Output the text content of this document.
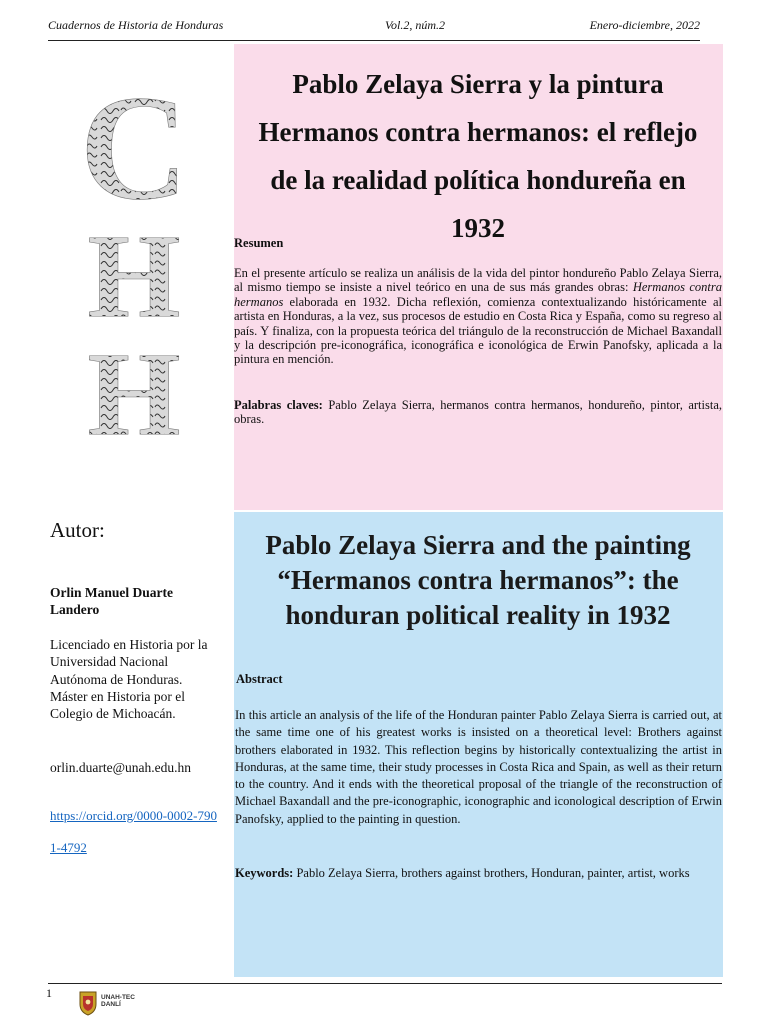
Cuadernos de Historia de Honduras	Vol.2, núm.2	Enero-diciembre, 2022
C
H
H
Pablo Zelaya Sierra y la pintura Hermanos contra hermanos: el reflejo de la realidad política hondureña en 1932

Resumen

En el presente artículo se realiza un análisis de la vida del pintor hondureño Pablo Zelaya Sierra, al mismo tiempo se insiste a nivel teórico en una de sus más grandes obras: Hermanos contra hermanos elaborada en 1932. Dicha reflexión, comienza contextualizando históricamente al artista en Honduras, a la vez, sus procesos de estudio en Costa Rica y España, como su regreso al país. Y finaliza, con la propuesta teórica del triángulo de la reconstrucción de Michael Baxandall y la descripción pre-iconográfica, iconográfica e iconológica de Erwin Panofsky, aplicada a la pintura en mención.

Palabras claves: Pablo Zelaya Sierra, hermanos contra hermanos, hondureño, pintor, artista, obras.

Pablo Zelaya Sierra and the painting “Hermanos contra hermanos”: the honduran political reality in 1932

Abstract

In this article an analysis of the life of the Honduran painter Pablo Zelaya Sierra is carried out, at the same time one of his greatest works is insisted on a theoretical level: Brothers against brothers elaborated in 1932. This reflection begins by historically contextualizing the artist in Honduras, at the same time, their study processes in Costa Rica and Spain, as well as their return to the country. And it ends with the theoretical proposal of the triangle of the reconstruction of Michael Baxandall and the pre-iconographic, iconographic and iconological description of Erwin Panofsky, applied to the painting in question.

Keywords: Pablo Zelaya Sierra, brothers against brothers, Honduran, painter, artist, works

Autor:

Orlin Manuel Duarte Landero

Licenciado en Historia por la Universidad Nacional Autónoma de Honduras. Máster en Historia por el Colegio de Michoacán.

orlin.duarte@unah.edu.hn

https://orcid.org/0000-0002-7901-4792
1	UNAH-TEC
DANLÍ
